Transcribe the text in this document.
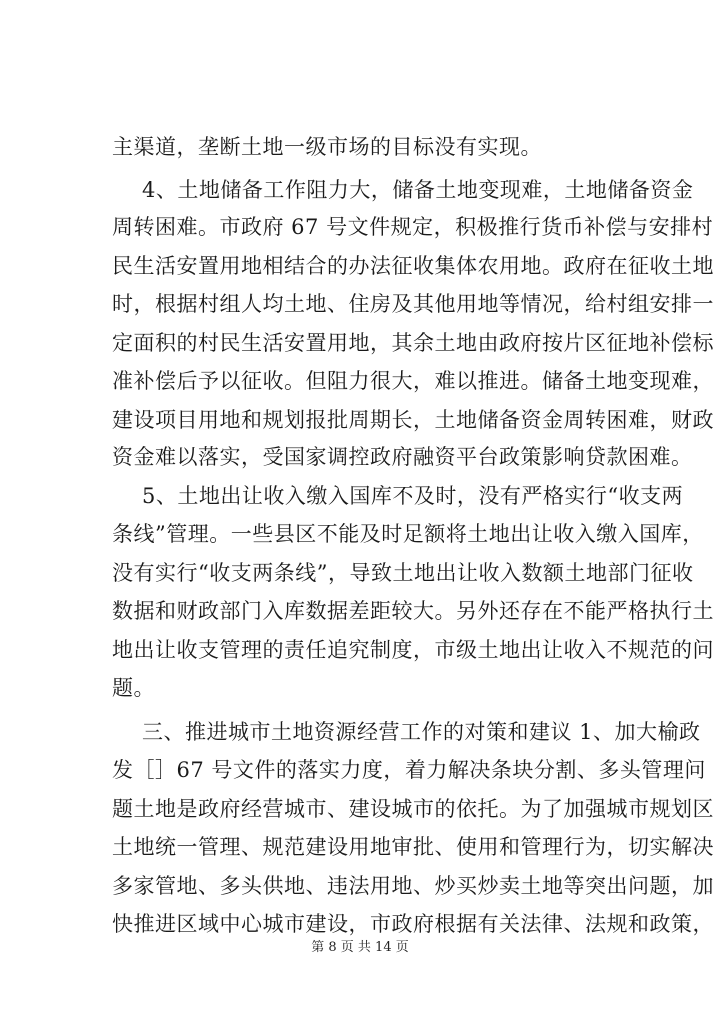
主渠道，垄断土地一级市场的目标没有实现。
4、土地储备工作阻力大，储备土地变现难，土地储备资金
周转困难。市政府 67 号文件规定，积极推行货币补偿与安排村
民生活安置用地相结合的办法征收集体农用地。政府在征收土地
时，根据村组人均土地、住房及其他用地等情况，给村组安排一
定面积的村民生活安置用地，其余土地由政府按片区征地补偿标
准补偿后予以征收。但阻力很大，难以推进。储备土地变现难，
建设项目用地和规划报批周期长，土地储备资金周转困难，财政
资金难以落实，受国家调控政府融资平台政策影响贷款困难。
5、土地出让收入缴入国库不及时，没有严格实行“收支两
条线”管理。一些县区不能及时足额将土地出让收入缴入国库，
没有实行“收支两条线”，导致土地出让收入数额土地部门征收
数据和财政部门入库数据差距较大。另外还存在不能严格执行土
地出让收支管理的责任追究制度，市级土地出让收入不规范的问
题。
三、推进城市土地资源经营工作的对策和建议 1、加大榆政
发［］67 号文件的落实力度，着力解决条块分割、多头管理问
题土地是政府经营城市、建设城市的依托。为了加强城市规划区
土地统一管理、规范建设用地审批、使用和管理行为，切实解决
多家管地、多头供地、违法用地、炒买炒卖土地等突出问题，加
快推进区域中心城市建设，市政府根据有关法律、法规和政策，
第 8 页 共 14 页
